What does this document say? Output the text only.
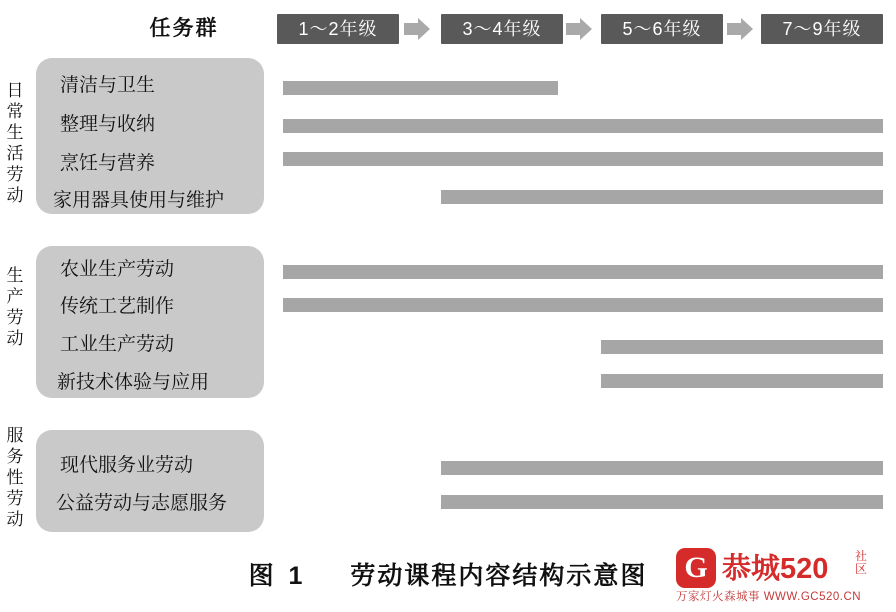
任务群	1～2年级	3～4年级	5～6年级	7～9年级
日常生活劳动
清洁与卫生
整理与收纳
烹饪与营养
家用器具使用与维护
生产劳动
农业生产劳动
传统工艺制作
工业生产劳动
新技术体验与应用
服务性劳动
现代服务业劳动
公益劳动与志愿服务
图 1 劳动课程内容结构示意图	G 恭城520 社
区
万家灯火森城事 WWW.GC520.CN
